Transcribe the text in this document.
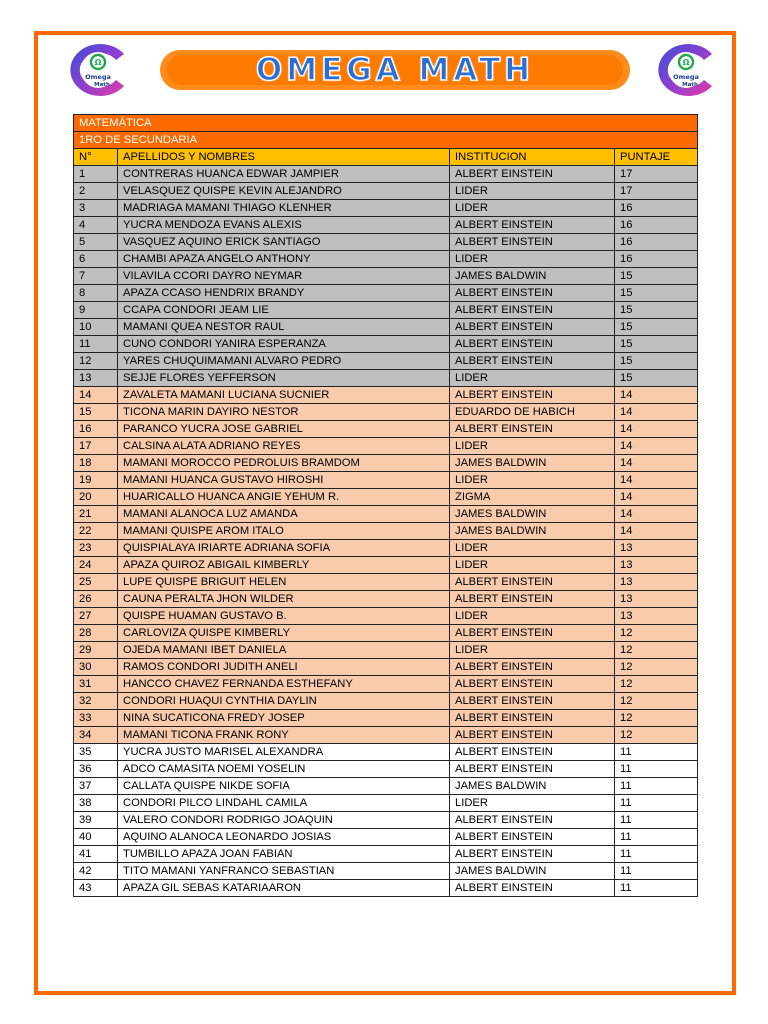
Ω
Omega
Math	OMEGA MATH	Ω
Omega
Math
MATEMÁTICA			
1RO DE SECUNDARIA			
N°	APELLIDOS Y NOMBRES	INSTITUCION	PUNTAJE
1	CONTRERAS HUANCA EDWAR JAMPIER	ALBERT EINSTEIN	17
2	VELASQUEZ QUISPE KEVIN ALEJANDRO	LIDER	17
3	MADRIAGA MAMANI THIAGO KLENHER	LIDER	16
4	YUCRA MENDOZA EVANS ALEXIS	ALBERT EINSTEIN	16
5	VASQUEZ AQUINO ERICK SANTIAGO	ALBERT EINSTEIN	16
6	CHAMBI APAZA ANGELO ANTHONY	LIDER	16
7	VILAVILA CCORI DAYRO NEYMAR	JAMES BALDWIN	15
8	APAZA CCASO HENDRIX BRANDY	ALBERT EINSTEIN	15
9	CCAPA CONDORI JEAM LIE	ALBERT EINSTEIN	15
10	MAMANI QUEA NESTOR RAUL	ALBERT EINSTEIN	15
11	CUNO CONDORI YANIRA ESPERANZA	ALBERT EINSTEIN	15
12	YARES CHUQUIMAMANI ALVARO PEDRO	ALBERT EINSTEIN	15
13	SEJJE FLORES YEFFERSON	LIDER	15
14	ZAVALETA MAMANI LUCIANA SUCNIER	ALBERT EINSTEIN	14
15	TICONA MARIN DAYIRO NESTOR	EDUARDO DE HABICH	14
16	PARANCO YUCRA JOSE GABRIEL	ALBERT EINSTEIN	14
17	CALSINA ALATA ADRIANO REYES	LIDER	14
18	MAMANI MOROCCO PEDROLUIS BRAMDOM	JAMES BALDWIN	14
19	MAMANI HUANCA GUSTAVO HIROSHI	LIDER	14
20	HUARICALLO HUANCA ANGIE YEHUM R.	ZIGMA	14
21	MAMANI ALANOCA LUZ AMANDA	JAMES BALDWIN	14
22	MAMANI QUISPE AROM ITALO	JAMES BALDWIN	14
23	QUISPIALAYA IRIARTE ADRIANA SOFIA	LIDER	13
24	APAZA QUIROZ ABIGAIL KIMBERLY	LIDER	13
25	LUPE QUISPE BRIGUIT HELEN	ALBERT EINSTEIN	13
26	CAUNA PERALTA JHON WILDER	ALBERT EINSTEIN	13
27	QUISPE HUAMAN GUSTAVO B.	LIDER	13
28	CARLOVIZA QUISPE KIMBERLY	ALBERT EINSTEIN	12
29	OJEDA MAMANI IBET DANIELA	LIDER	12
30	RAMOS CONDORI JUDITH ANELI	ALBERT EINSTEIN	12
31	HANCCO CHAVEZ FERNANDA ESTHEFANY	ALBERT EINSTEIN	12
32	CONDORI HUAQUI CYNTHIA DAYLIN	ALBERT EINSTEIN	12
33	NINA SUCATICONA FREDY JOSEP	ALBERT EINSTEIN	12
34	MAMANI TICONA FRANK RONY	ALBERT EINSTEIN	12
35	YUCRA JUSTO MARISEL ALEXANDRA	ALBERT EINSTEIN	11
36	ADCO CAMASITA NOEMI YOSELIN	ALBERT EINSTEIN	11
37	CALLATA QUISPE NIKDE SOFIA	JAMES BALDWIN	11
38	CONDORI PILCO LINDAHL CAMILA	LIDER	11
39	VALERO CONDORI RODRIGO JOAQUIN	ALBERT EINSTEIN	11
40	AQUINO ALANOCA LEONARDO JOSIAS	ALBERT EINSTEIN	11
41	TUMBILLO APAZA JOAN FABIAN	ALBERT EINSTEIN	11
42	TITO MAMANI YANFRANCO SEBASTIAN	JAMES BALDWIN	11
43	APAZA GIL SEBAS KATARIAARON	ALBERT EINSTEIN	11
